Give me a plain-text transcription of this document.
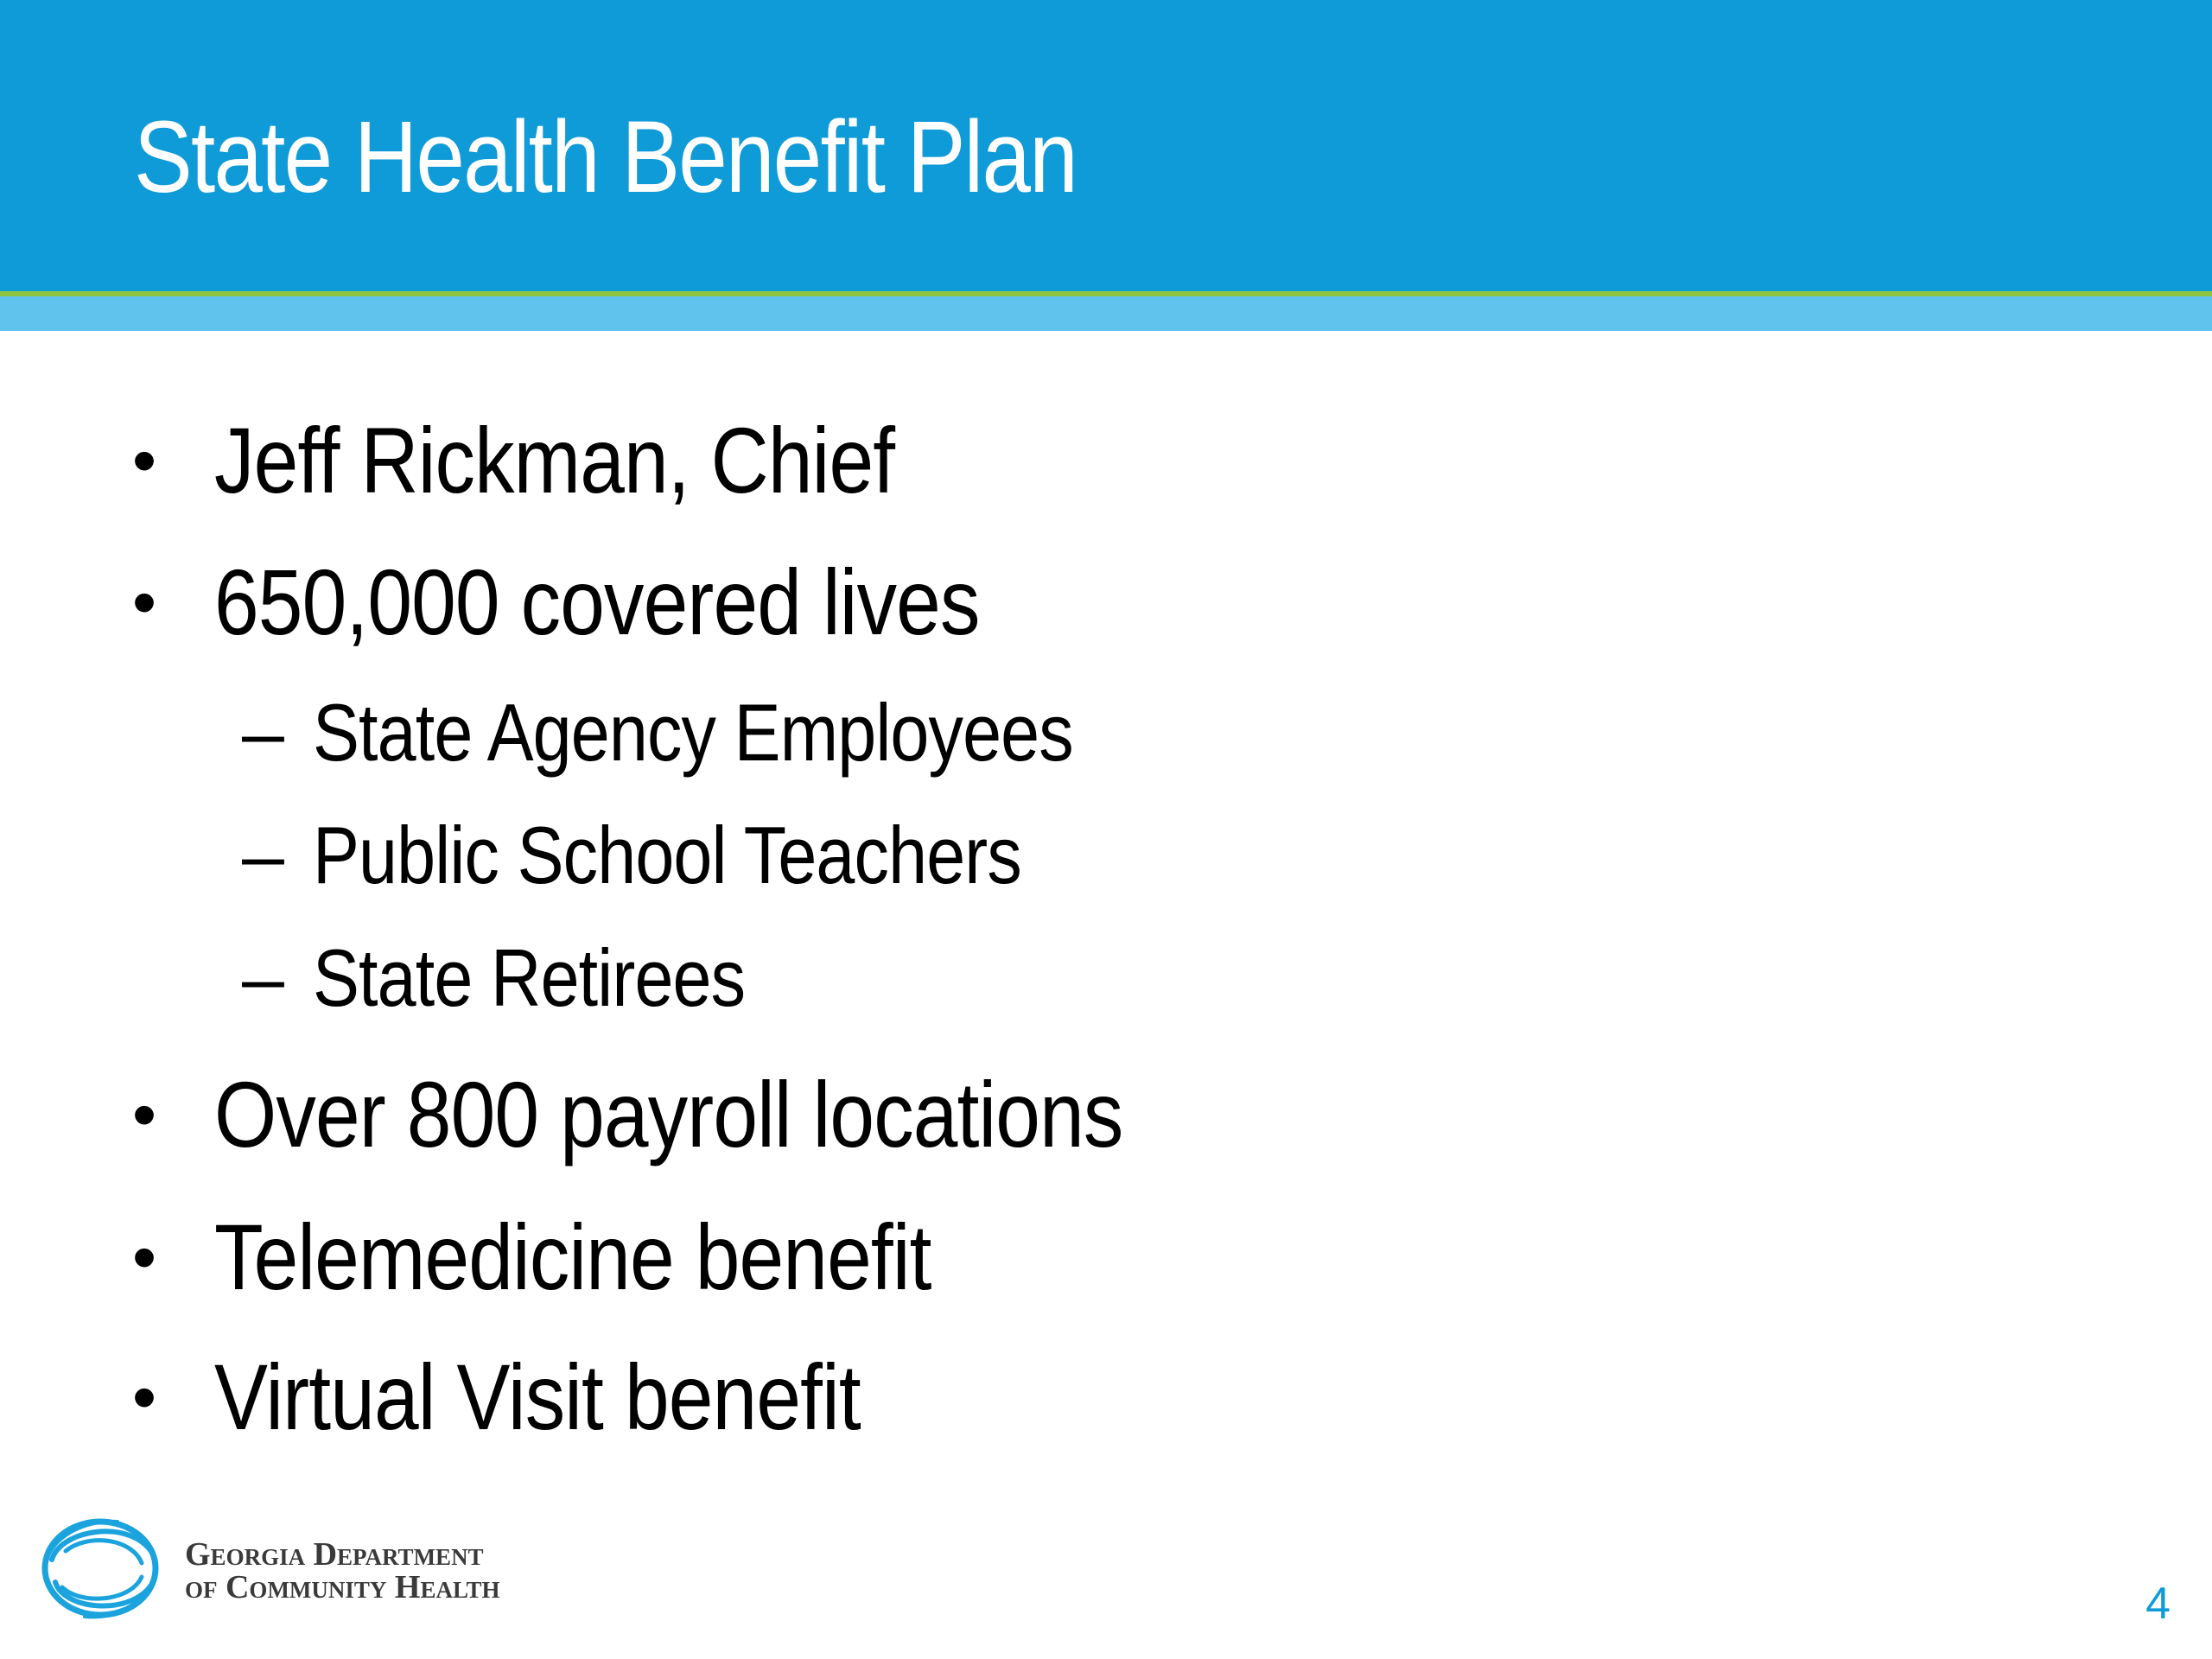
State Health Benefit Plan
• Jeff Rickman, Chief
• 650,000 covered lives
– State Agency Employees
– Public School Teachers
– State Retirees
• Over 800 payroll locations
• Telemedicine benefit
• Virtual Visit benefit
Georgia Department
of Community Health	4
